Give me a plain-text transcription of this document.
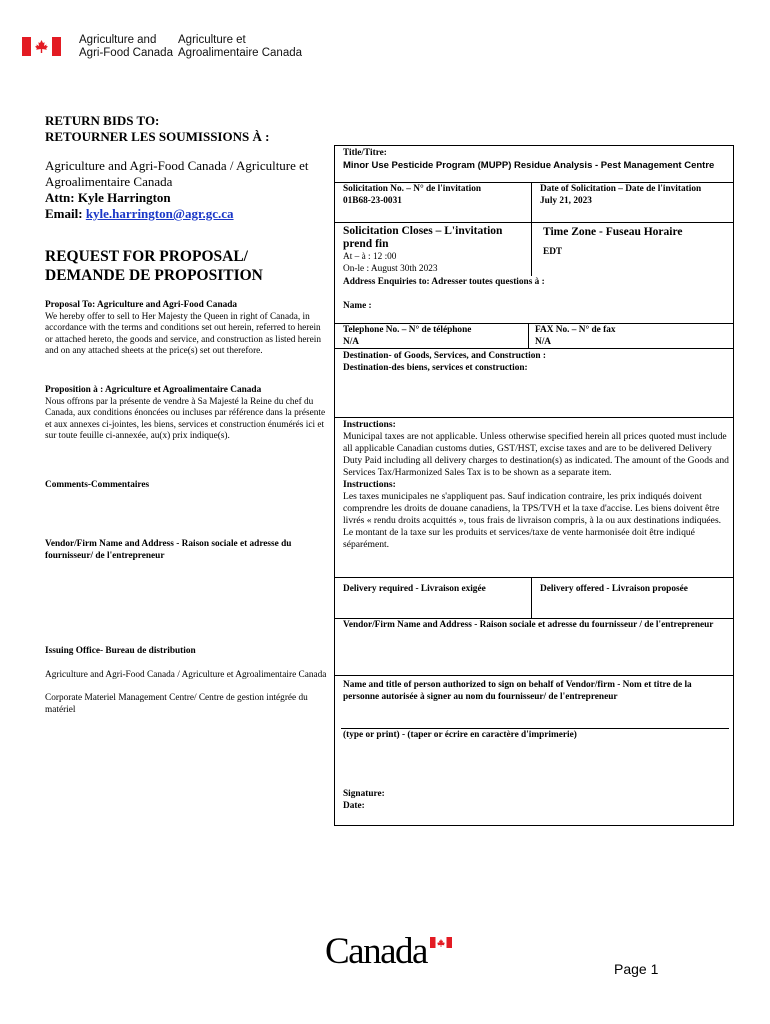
Agriculture and
Agri-Food Canada
Agriculture et
Agroalimentaire Canada
RETURN BIDS TO:
RETOURNER LES SOUMISSIONS À :
Agriculture and Agri-Food Canada / Agriculture et Agroalimentaire Canada
Attn: Kyle Harrington
Email: kyle.harrington@agr.gc.ca
REQUEST FOR PROPOSAL/
DEMANDE DE PROPOSITION
Proposal To: Agriculture and Agri-Food Canada
We hereby offer to sell to Her Majesty the Queen in right of Canada, in accordance with the terms and conditions set out herein, referred to herein or attached hereto, the goods and service, and construction as listed herein and on any attached sheets at the price(s) set out therefore.
Proposition à : Agriculture et Agroalimentaire Canada
Nous offrons par la présente de vendre à Sa Majesté la Reine du chef du Canada, aux conditions énoncées ou incluses par référence dans la présente et aux annexes ci-jointes, les biens, services et construction énumérés ici et sur toute feuille ci-annexée, au(x) prix indique(s).
Comments-Commentaires
Vendor/Firm Name and Address - Raison sociale et adresse du fournisseur/ de l'entrepreneur
Issuing Office- Bureau de distribution
Agriculture and Agri-Food Canada / Agriculture et Agroalimentaire Canada
Corporate Materiel Management Centre/ Centre de gestion intégrée du matériel
Title/Titre:
Minor Use Pesticide Program (MUPP) Residue Analysis - Pest Management Centre
Solicitation No. – N° de l'invitation
01B68-23-0031
Date of Solicitation – Date de l'invitation
July 21, 2023
Solicitation Closes – L'invitation prend fin
At – à : 12 :00
On-le : August 30th 2023
Time Zone - Fuseau Horaire
EDT
Address Enquiries to: Adresser toutes questions à :
Name :
Telephone No. – N° de téléphone
N/A
FAX No. – N° de fax
N/A
Destination- of Goods, Services, and Construction :
Destination-des biens, services et construction:
Instructions:
Municipal taxes are not applicable. Unless otherwise specified herein all prices quoted must include all applicable Canadian customs duties, GST/HST, excise taxes and are to be delivered Delivery Duty Paid including all delivery charges to destination(s) as indicated. The amount of the Goods and Services Tax/Harmonized Sales Tax is to be shown as a separate item.
Instructions:
Les taxes municipales ne s'appliquent pas. Sauf indication contraire, les prix indiqués doivent comprendre les droits de douane canadiens, la TPS/TVH et la taxe d'accise. Les biens doivent être livrés « rendu droits acquittés », tous frais de livraison compris, à la ou aux destinations indiquées. Le montant de la taxe sur les produits et services/taxe de vente harmonisée doit être indiqué séparément.
Delivery required - Livraison exigée	Delivery offered - Livraison proposée
Vendor/Firm Name and Address - Raison sociale et adresse du fournisseur / de l'entrepreneur
Name and title of person authorized to sign on behalf of Vendor/firm - Nom et titre de la personne autorisée à signer au nom du fournisseur/ de l'entrepreneur
(type or print) - (taper or écrire en caractère d'imprimerie)
Signature:
Date:
Canada	Page 1
